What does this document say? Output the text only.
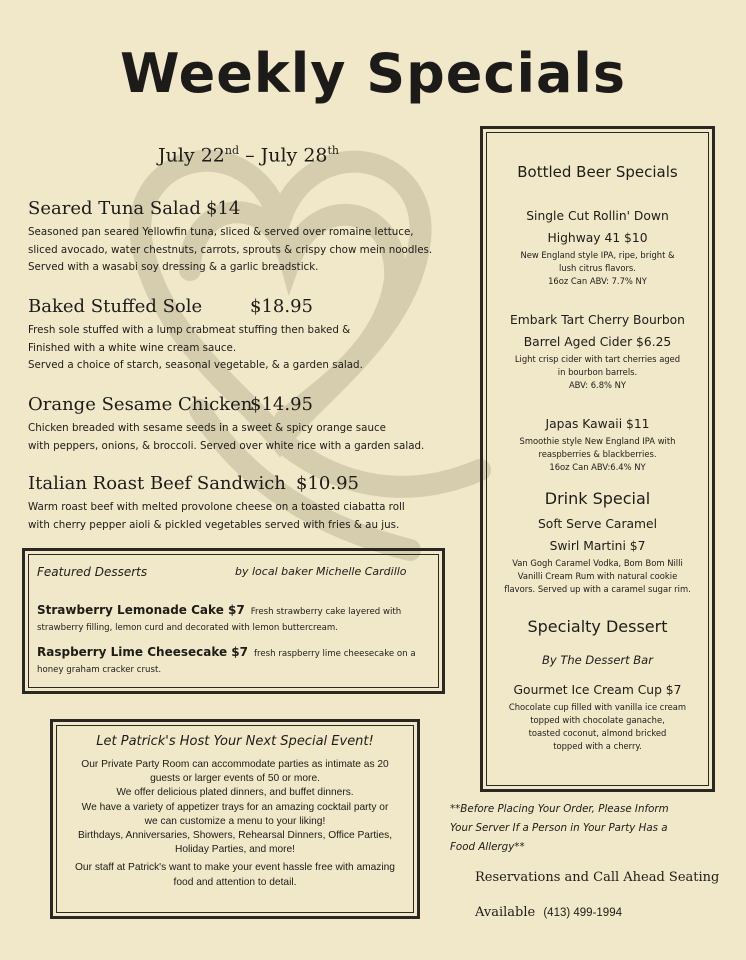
Weekly Specials
July 22nd – July 28th
Seared Tuna Salad $14
Seasoned pan seared Yellowfin tuna, sliced & served over romaine lettuce,
sliced avocado, water chestnuts, carrots, sprouts & crispy chow mein noodles.
Served with a wasabi soy dressing & a garlic breadstick.
Baked Stuffed Sole	$18.95
Fresh sole stuffed with a lump crabmeat stuffing then baked &
Finished with a white wine cream sauce.
Served a choice of starch, seasonal vegetable, & a garden salad.
Orange Sesame Chicken
$14.95
Chicken breaded with sesame seeds in a sweet & spicy orange sauce
with peppers, onions, & broccoli. Served over white rice with a garden salad.
Italian Roast Beef Sandwich $10.95
Warm roast beef with melted provolone cheese on a toasted ciabatta roll
with cherry pepper aioli & pickled vegetables served with fries & au jus.
Featured Desserts	by local baker Michelle Cardillo
Strawberry Lemonade Cake $7 Fresh strawberry cake layered with
strawberry filling, lemon curd and decorated with lemon buttercream.
Raspberry Lime Cheesecake $7 fresh raspberry lime cheesecake on a
honey graham cracker crust.
Let Patrick's Host Your Next Special Event!

Our Private Party Room can accommodate parties as intimate as 20
guests or larger events of 50 or more.
We offer delicious plated dinners, and buffet dinners.
We have a variety of appetizer trays for an amazing cocktail party or
we can customize a menu to your liking!
Birthdays, Anniversaries, Showers, Rehearsal Dinners, Office Parties,
Holiday Parties, and more!

Our staff at Patrick's want to make your event hassle free with amazing
food and attention to detail.

Bottled Beer Specials
Single Cut Rollin' Down
Highway 41 $10
New England style IPA, ripe, bright &
lush citrus flavors.
16oz Can ABV: 7.7% NY
Embark Tart Cherry Bourbon
Barrel Aged Cider $6.25
Light crisp cider with tart cherries aged
in bourbon barrels.
ABV: 6.8% NY
Japas Kawaii $11
Smoothie style New England IPA with
reaspberries & blackberries.
16oz Can ABV:6.4% NY
Drink Special
Soft Serve Caramel
Swirl Martini $7
Van Gogh Caramel Vodka, Bom Bom Nilli
Vanilli Cream Rum with natural cookie
flavors. Served up with a caramel sugar rim.
Specialty Dessert
By The Dessert Bar
Gourmet Ice Cream Cup $7
Chocolate cup filled with vanilla ice cream
topped with chocolate ganache,
toasted coconut, almond bricked
topped with a cherry.
**Before Placing Your Order, Please Inform
Your Server If a Person in Your Party Has a
Food Allergy**
Reservations and Call Ahead Seating
Available (413) 499-1994
